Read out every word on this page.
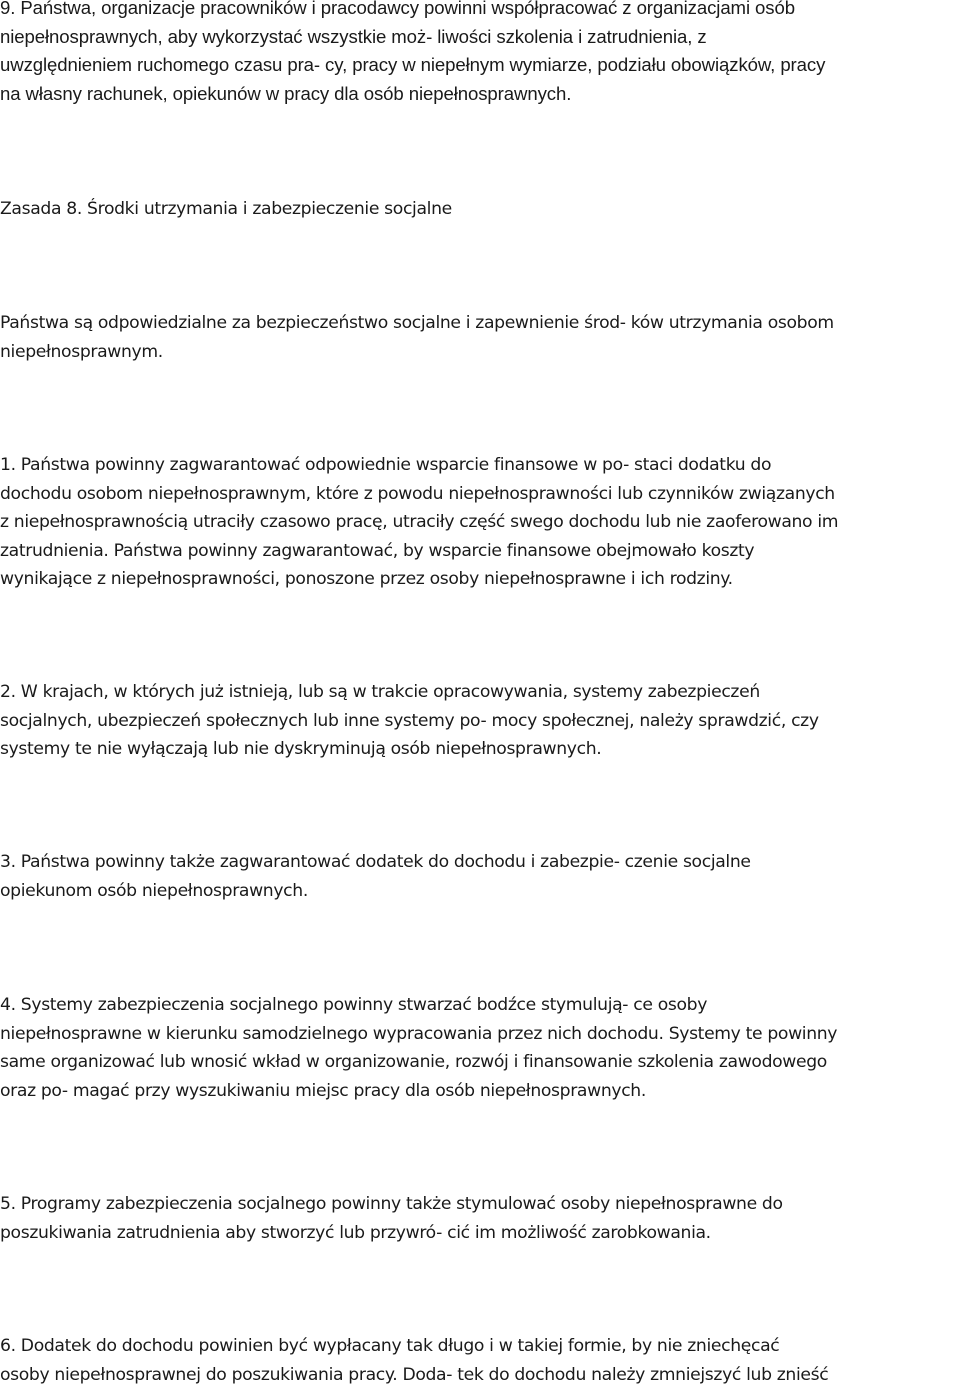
9. Państwa, organizacje pracowników i pracodawcy powinni współpracować z organizacjami osób
niepełnosprawnych, aby wykorzystać wszystkie moż- liwości szkolenia i zatrudnienia, z
uwzględnieniem ruchomego czasu pra- cy, pracy w niepełnym wymiarze, podziału obowiązków, pracy
na własny rachunek, opiekunów w pracy dla osób niepełnosprawnych.
Zasada 8. Środki utrzymania i zabezpieczenie socjalne
Państwa są odpowiedzialne za bezpieczeństwo socjalne i zapewnienie środ- ków utrzymania osobom
niepełnosprawnym.
1. Państwa powinny zagwarantować odpowiednie wsparcie finansowe w po- staci dodatku do
dochodu osobom niepełnosprawnym, które z powodu niepełnosprawności lub czynników związanych
z niepełnosprawnością utraciły czasowo pracę, utraciły część swego dochodu lub nie zaoferowano im
zatrudnienia. Państwa powinny zagwarantować, by wsparcie finansowe obejmowało koszty
wynikające z niepełnosprawności, ponoszone przez osoby niepełnosprawne i ich rodziny.
2. W krajach, w których już istnieją, lub są w trakcie opracowywania, systemy zabezpieczeń
socjalnych, ubezpieczeń społecznych lub inne systemy po- mocy społecznej, należy sprawdzić, czy
systemy te nie wyłączają lub nie dyskryminują osób niepełnosprawnych.
3. Państwa powinny także zagwarantować dodatek do dochodu i zabezpie- czenie socjalne
opiekunom osób niepełnosprawnych.
4. Systemy zabezpieczenia socjalnego powinny stwarzać bodźce stymulują- ce osoby
niepełnosprawne w kierunku samodzielnego wypracowania przez nich dochodu. Systemy te powinny
same organizować lub wnosić wkład w organizowanie, rozwój i finansowanie szkolenia zawodowego
oraz po- magać przy wyszukiwaniu miejsc pracy dla osób niepełnosprawnych.
5. Programy zabezpieczenia socjalnego powinny także stymulować osoby niepełnosprawne do
poszukiwania zatrudnienia aby stworzyć lub przywró- cić im możliwość zarobkowania.
6. Dodatek do dochodu powinien być wypłacany tak długo i w takiej formie, by nie zniechęcać
osoby niepełnosprawnej do poszukiwania pracy. Doda- tek do dochodu należy zmniejszyć lub znieść
